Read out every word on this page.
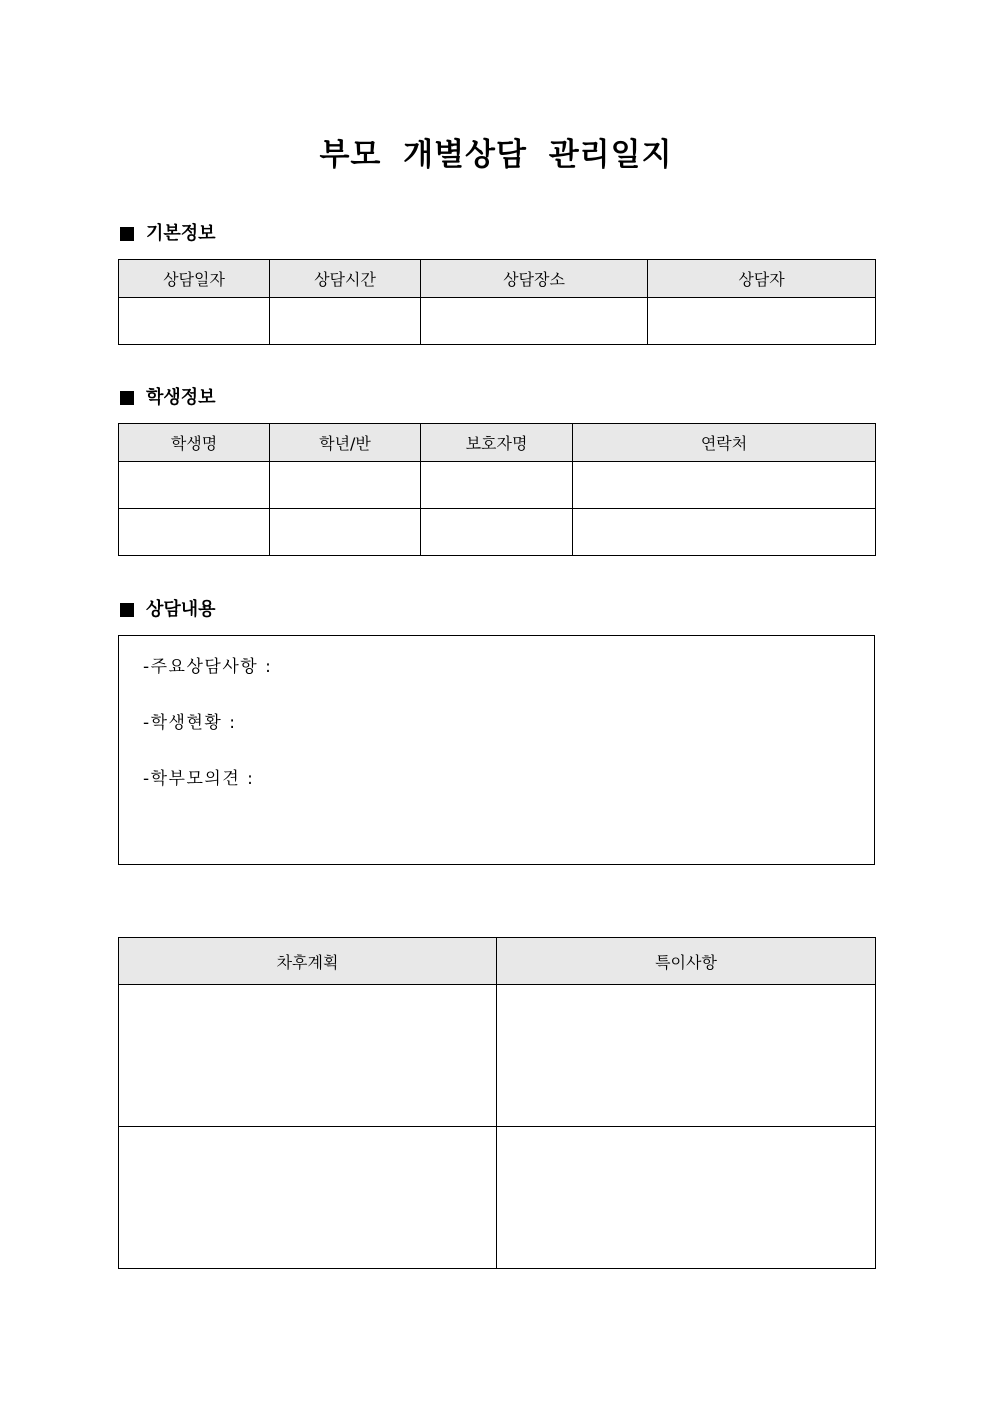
부모 개별상담 관리일지
기본정보
상담일자	상담시간	상담장소	상담자

학생정보
학생명	학년/반	보호자명	연락처

상담내용
-주요상담사항 :
-학생현황 :
-학부모의견 :
차후계획	특이사항
